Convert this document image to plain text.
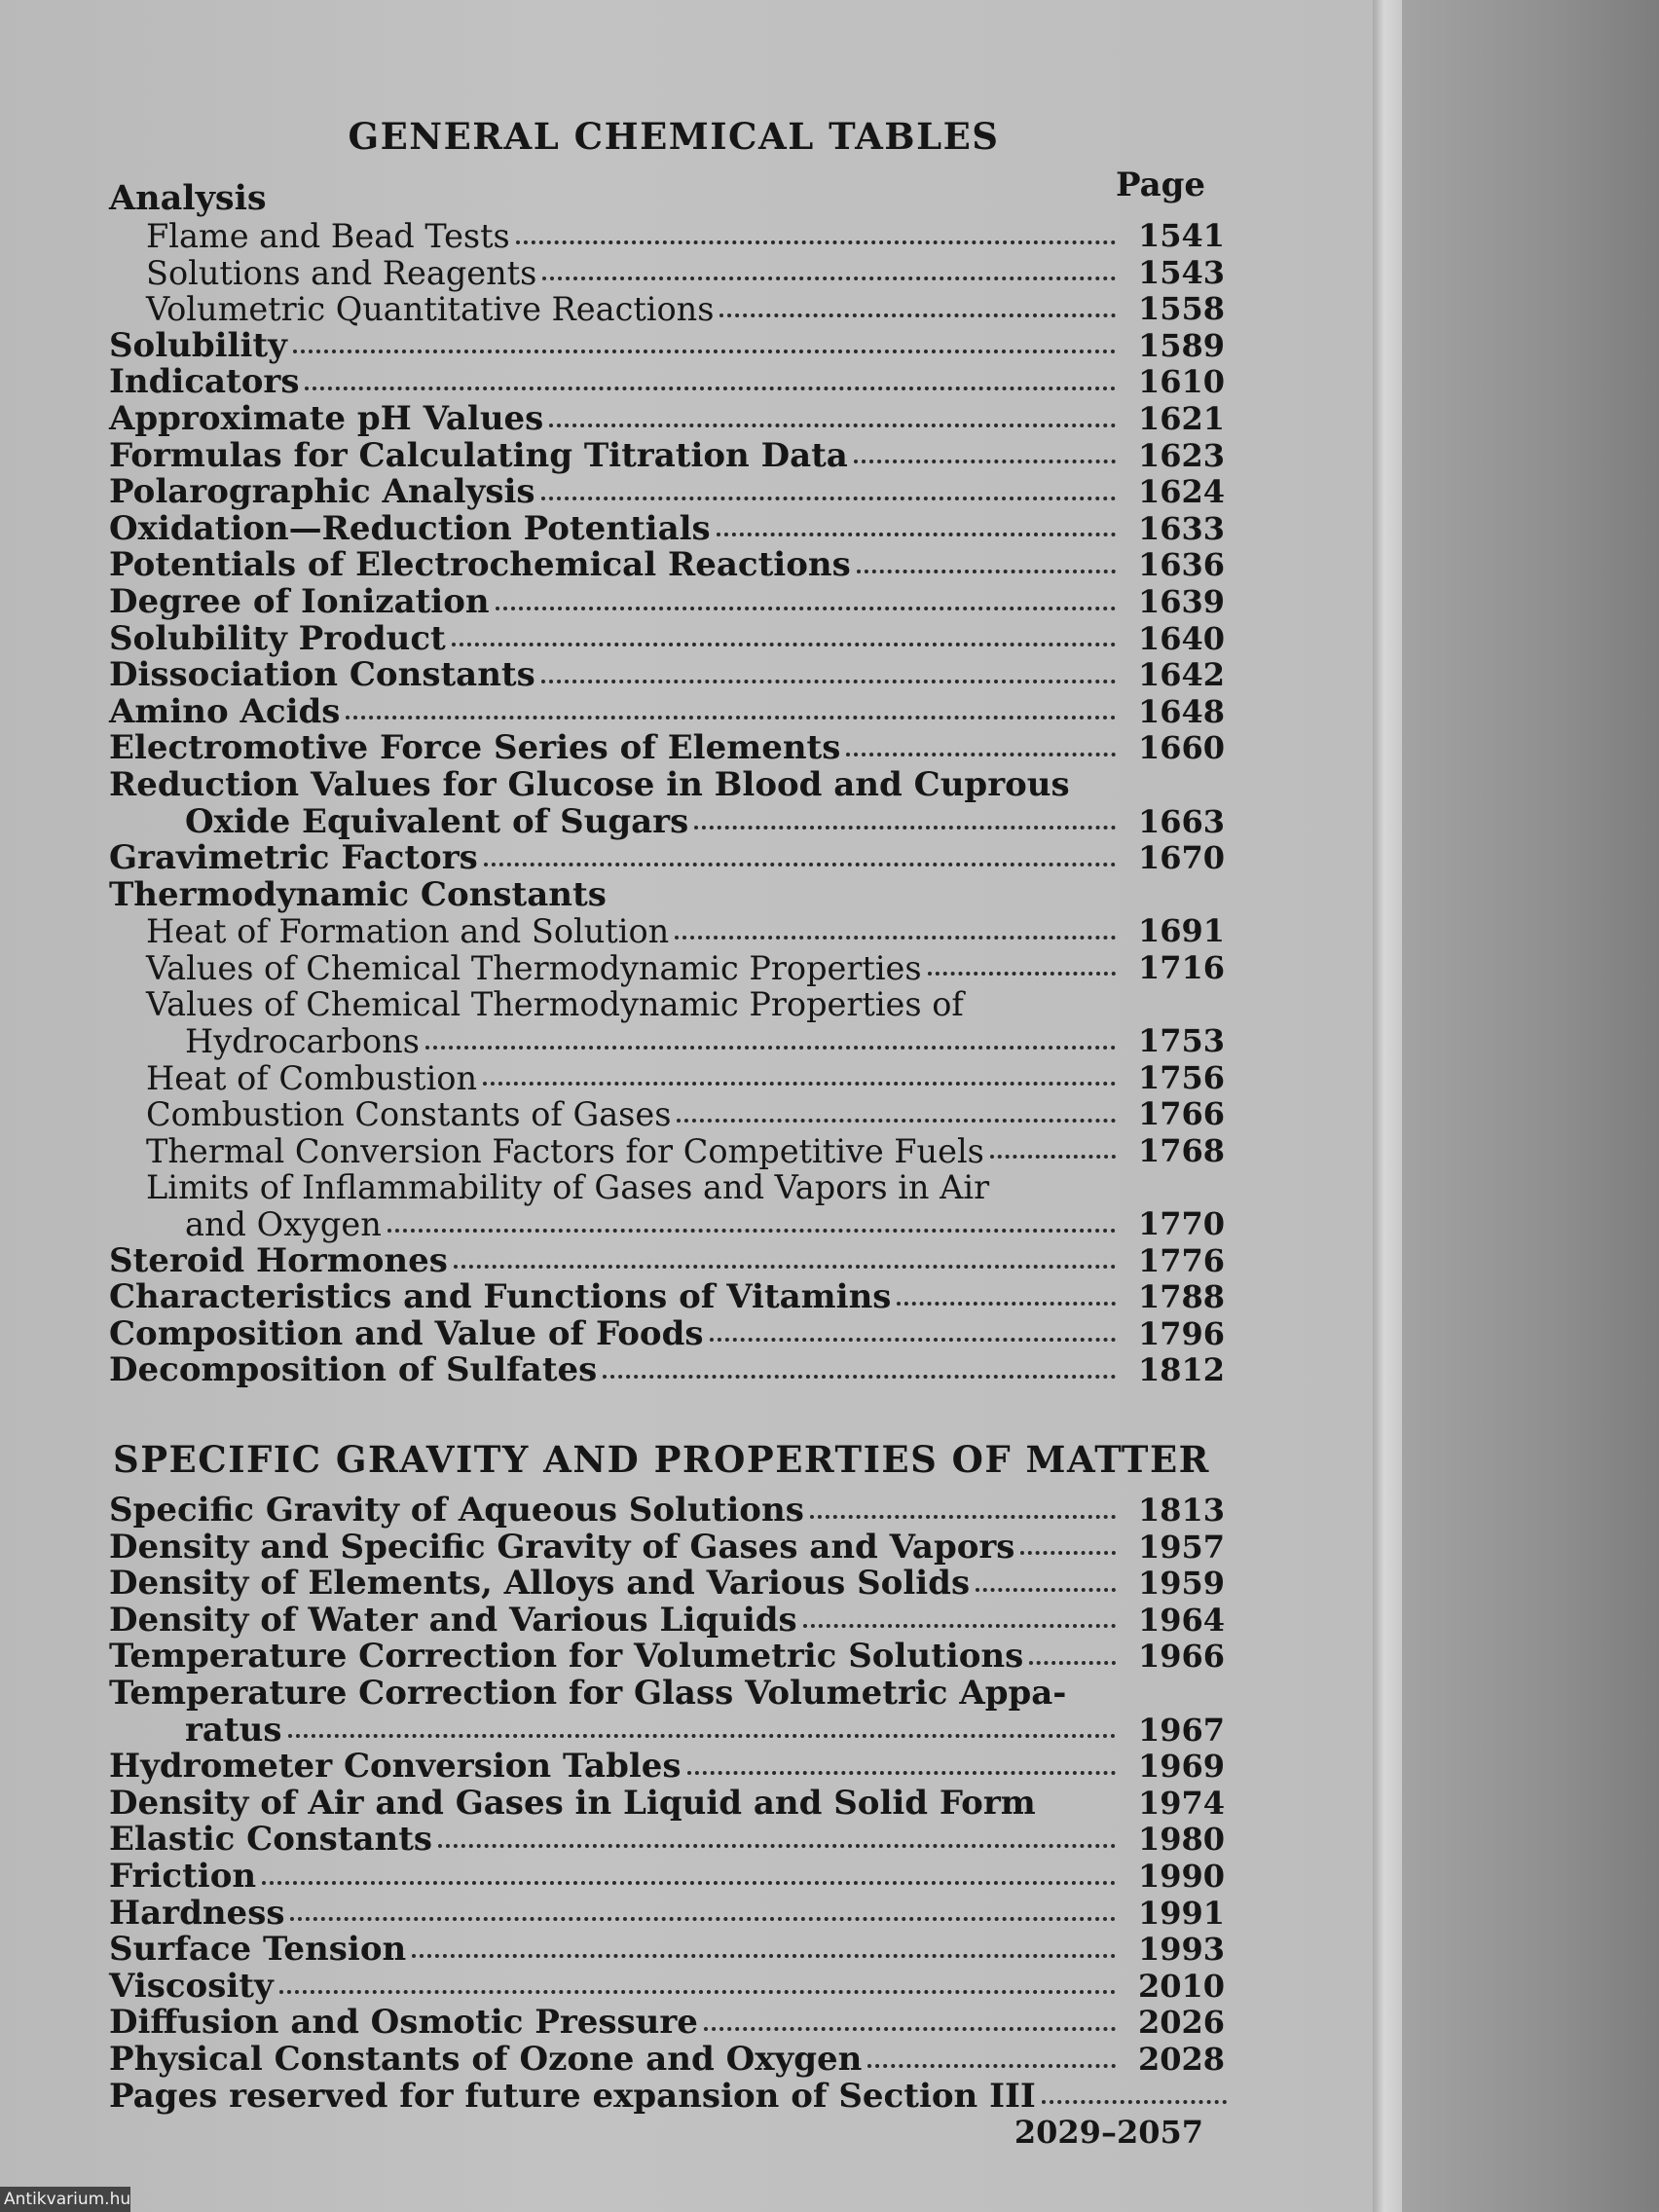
GENERAL CHEMICAL TABLES
Analysis	Page
Flame and Bead Tests	1541
Solutions and Reagents	1543
Volumetric Quantitative Reactions	1558
Solubility	1589
Indicators	1610
Approximate pH Values	1621
Formulas for Calculating Titration Data	1623
Polarographic Analysis	1624
Oxidation—Reduction Potentials	1633
Potentials of Electrochemical Reactions	1636
Degree of Ionization	1639
Solubility Product	1640
Dissociation Constants	1642
Amino Acids	1648
Electromotive Force Series of Elements	1660
Reduction Values for Glucose in Blood and Cuprous
Oxide Equivalent of Sugars	1663
Gravimetric Factors	1670
Thermodynamic Constants
Heat of Formation and Solution	1691
Values of Chemical Thermodynamic Properties	1716
Values of Chemical Thermodynamic Properties of
Hydrocarbons	1753
Heat of Combustion	1756
Combustion Constants of Gases	1766
Thermal Conversion Factors for Competitive Fuels	1768
Limits of Inflammability of Gases and Vapors in Air
and Oxygen	1770
Steroid Hormones	1776
Characteristics and Functions of Vitamins	1788
Composition and Value of Foods	1796
Decomposition of Sulfates	1812
SPECIFIC GRAVITY AND PROPERTIES OF MATTER
Specific Gravity of Aqueous Solutions	1813
Density and Specific Gravity of Gases and Vapors	1957
Density of Elements, Alloys and Various Solids	1959
Density of Water and Various Liquids	1964
Temperature Correction for Volumetric Solutions	1966
Temperature Correction for Glass Volumetric Appa-
ratus	1967
Hydrometer Conversion Tables	1969
Density of Air and Gases in Liquid and Solid Form	1974
Elastic Constants	1980
Friction	1990
Hardness	1991
Surface Tension	1993
Viscosity	2010
Diffusion and Osmotic Pressure	2026
Physical Constants of Ozone and Oxygen	2028
Pages reserved for future expansion of Section III
2029–2057
Antikvarium.hu
